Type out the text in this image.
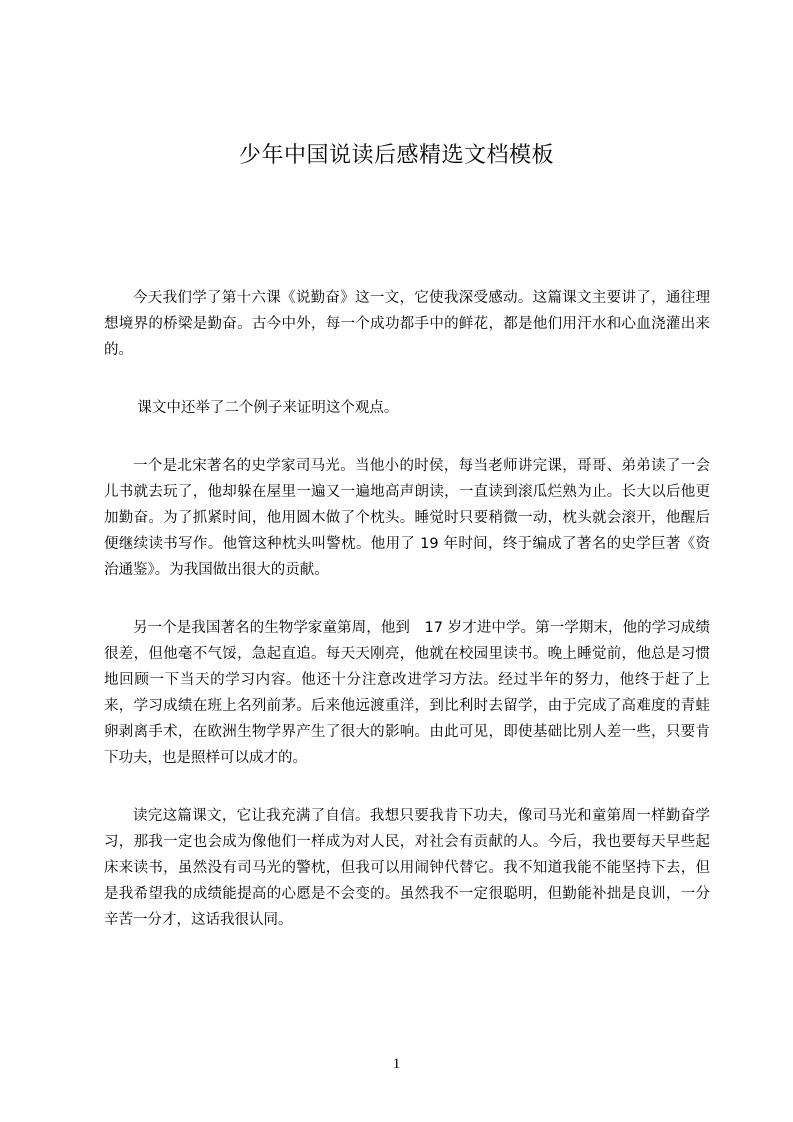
少年中国说读后感精选文档模板

今天我们学了第十六课《说勤奋》这一文，它使我深受感动。这篇课文主要讲了，通往理想境界的桥梁是勤奋。古今中外，每一个成功都手中的鲜花，都是他们用汗水和心血浇灌出来的。

课文中还举了二个例子来证明这个观点。

一个是北宋著名的史学家司马光。当他小的时侯，每当老师讲完课，哥哥、弟弟读了一会儿书就去玩了，他却躲在屋里一遍又一遍地高声朗读，一直读到滚瓜烂熟为止。长大以后他更加勤奋。为了抓紧时间，他用圆木做了个枕头。睡觉时只要稍微一动，枕头就会滚开，他醒后便继续读书写作。他管这种枕头叫警枕。他用了 19 年时间，终于编成了著名的史学巨著《资治通鉴》。为我国做出很大的贡献。

另一个是我国著名的生物学家童第周，他到　17 岁才进中学。第一学期末，他的学习成绩很差，但他毫不气馁，急起直追。每天天刚亮，他就在校园里读书。晚上睡觉前，他总是习惯地回顾一下当天的学习内容。他还十分注意改进学习方法。经过半年的努力，他终于赶了上来，学习成绩在班上名列前茅。后来他远渡重洋，到比利时去留学，由于完成了高难度的青蛙卵剥离手术，在欧洲生物学界产生了很大的影响。由此可见，即使基础比别人差一些，只要肯下功夫，也是照样可以成才的。

读完这篇课文，它让我充满了自信。我想只要我肯下功夫，像司马光和童第周一样勤奋学习，那我一定也会成为像他们一样成为对人民，对社会有贡献的人。今后，我也要每天早些起床来读书，虽然没有司马光的警枕，但我可以用闹钟代替它。我不知道我能不能坚持下去，但是我希望我的成绩能提高的心愿是不会变的。虽然我不一定很聪明，但勤能补拙是良训，一分辛苦一分才，这话我很认同。

1
